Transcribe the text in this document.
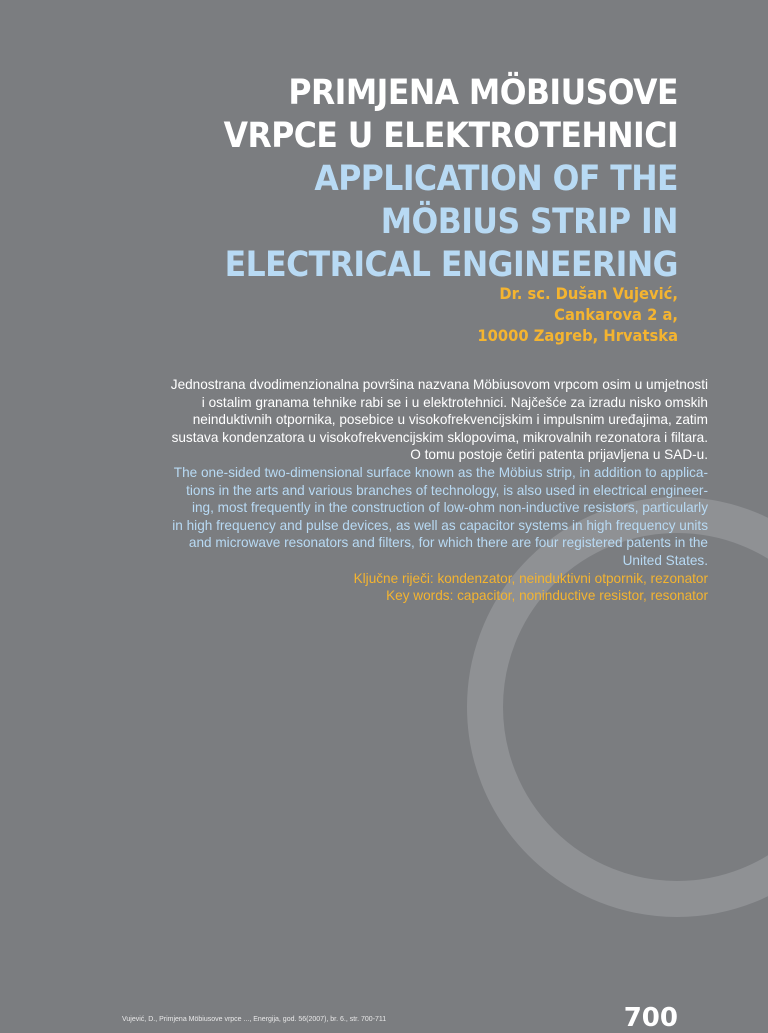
PRIMJENA MÖBIUSOVE
VRPCE U ELEKTROTEHNICI
APPLICATION OF THE
MÖBIUS STRIP IN
ELECTRICAL ENGINEERING
Dr. sc. Dušan Vujević,
Cankarova 2 a,
10000 Zagreb, Hrvatska
Jednostrana dvodimenzionalna površina nazvana Möbiusovom vrpcom osim u umjetnosti
i ostalim granama tehnike rabi se i u elektrotehnici. Najčešće za izradu nisko omskih
neinduktivnih otpornika, posebice u visokofrekvencijskim i impulsnim uređajima, zatim
sustava kondenzatora u visokofrekvencijskim sklopovima, mikrovalnih rezonatora i filtara.
O tomu postoje četiri patenta prijavljena u SAD-u.
The one-sided two-dimensional surface known as the Möbius strip, in addition to applica-
tions in the arts and various branches of technology, is also used in electrical engineer-
ing, most frequently in the construction of low-ohm non-inductive resistors, particularly
in high frequency and pulse devices, as well as capacitor systems in high frequency units
and microwave resonators and filters, for which there are four registered patents in the
United States.
Ključne riječi: kondenzator, neinduktivni otpornik, rezonator
Key words: capacitor, noninductive resistor, resonator
Vujević, D., Primjena Möbiusove vrpce ..., Energija, god. 56(2007), br. 6., str. 700-711	700
